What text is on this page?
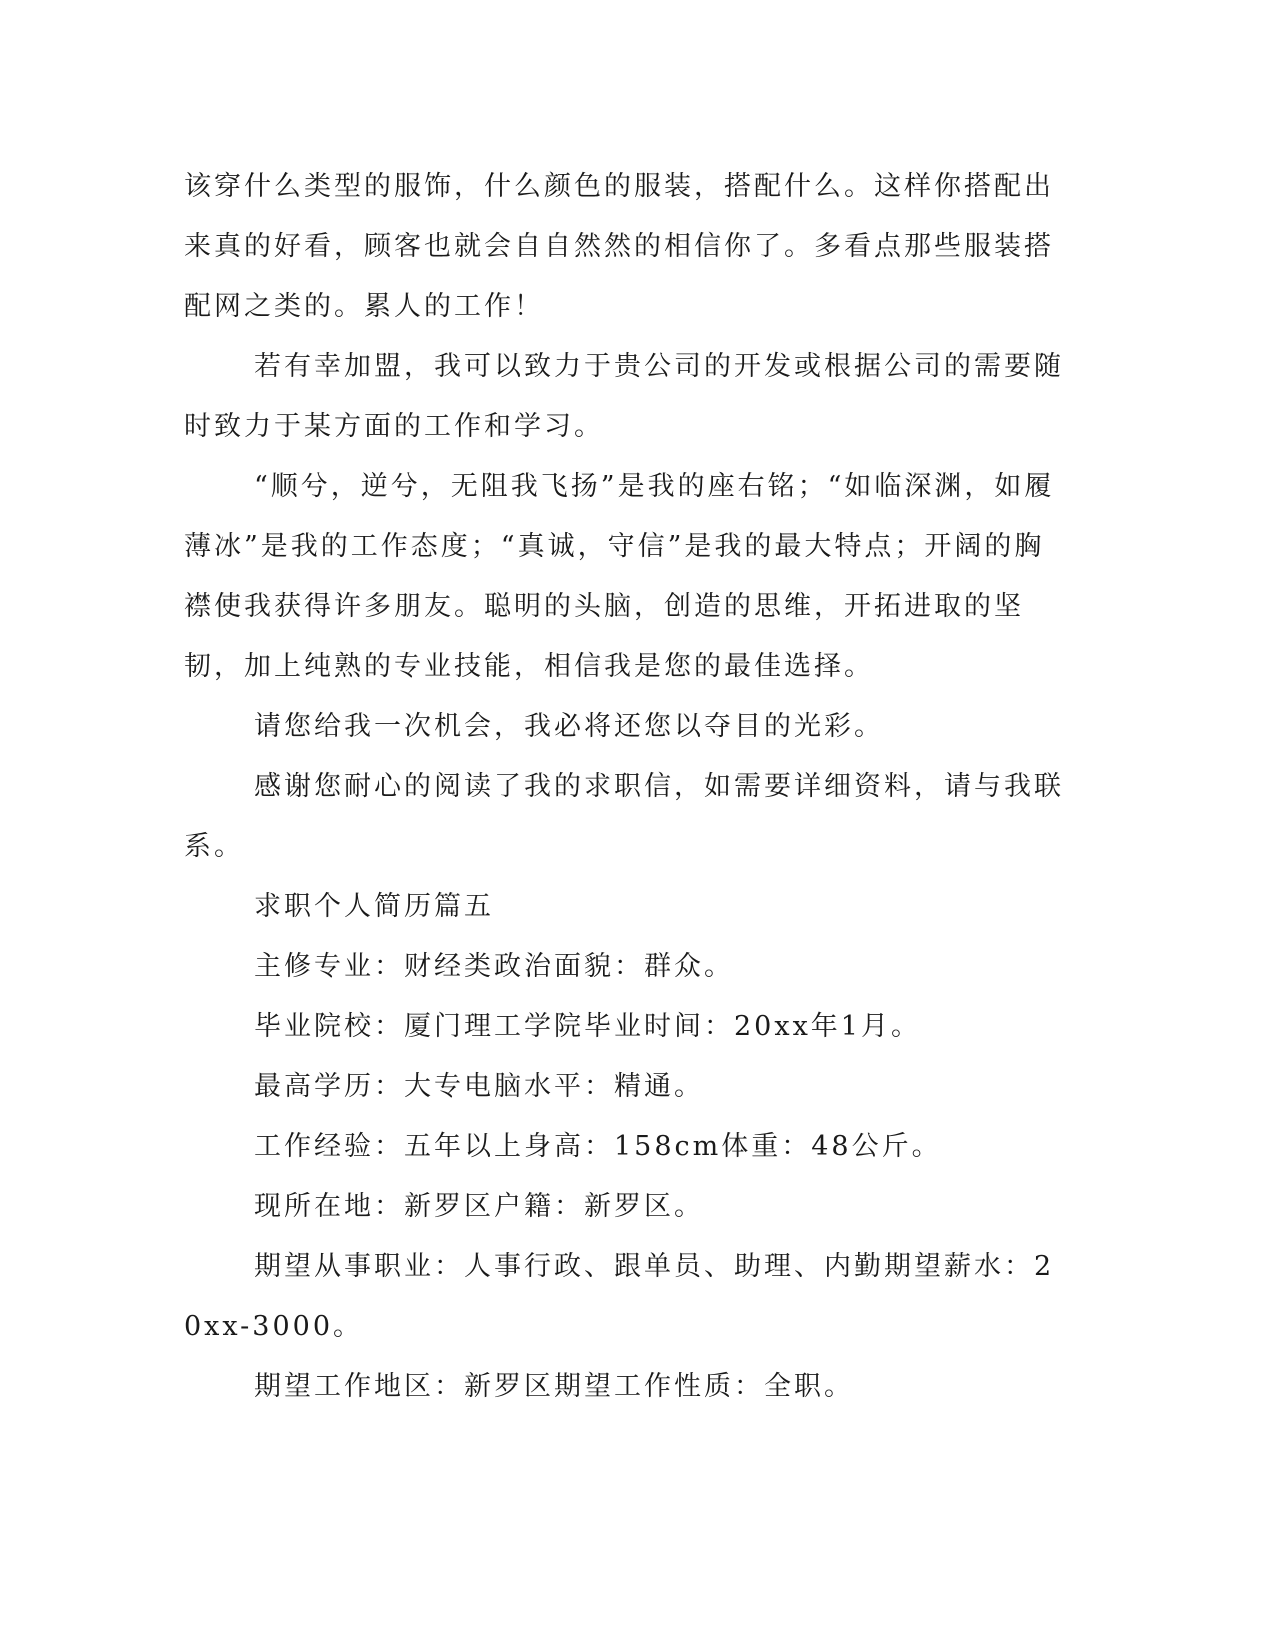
该穿什么类型的服饰，什么颜色的服装，搭配什么。这样你搭配出来真的好看，顾客也就会自自然然的相信你了。多看点那些服装搭配网之类的。累人的工作！

若有幸加盟，我可以致力于贵公司的开发或根据公司的需要随时致力于某方面的工作和学习。

“顺兮，逆兮，无阻我飞扬”是我的座右铭；“如临深渊，如履薄冰”是我的工作态度；“真诚，守信”是我的最大特点；开阔的胸襟使我获得许多朋友。聪明的头脑，创造的思维，开拓进取的坚韧，加上纯熟的专业技能，相信我是您的最佳选择。

请您给我一次机会，我必将还您以夺目的光彩。

感谢您耐心的阅读了我的求职信，如需要详细资料，请与我联系。

求职个人简历篇五

主修专业：财经类政治面貌：群众。

毕业院校：厦门理工学院毕业时间：20xx年1月。

最高学历：大专电脑水平：精通。

工作经验：五年以上身高：158cm体重：48公斤。

现所在地：新罗区户籍：新罗区。

期望从事职业：人事行政、跟单员、助理、内勤期望薪水：20xx-3000。

期望工作地区：新罗区期望工作性质：全职。
